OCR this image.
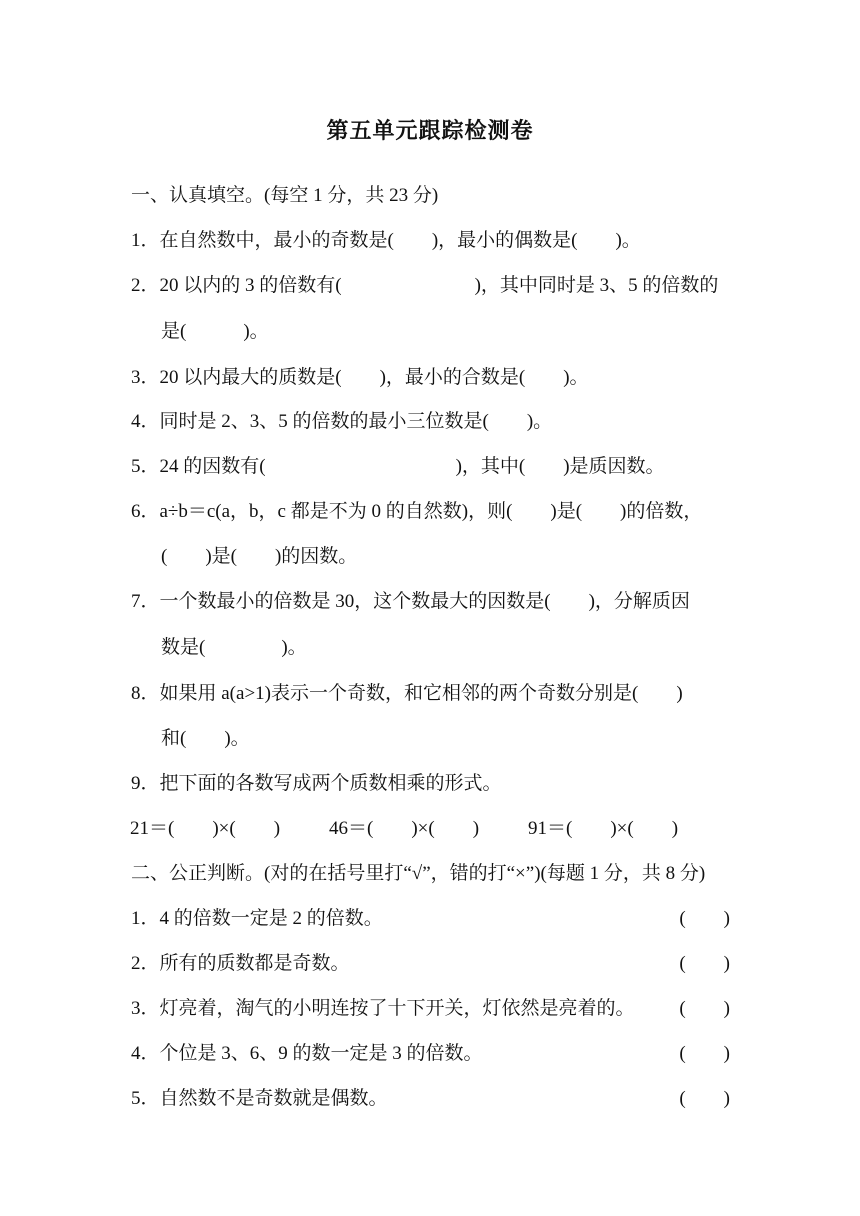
第五单元跟踪检测卷
一、认真填空。(每空 1 分，共 23 分)
1．在自然数中，最小的奇数是(　　)，最小的偶数是(　　)。
2．20 以内的 3 的倍数有(　　　　　　　)，其中同时是 3、5 的倍数的
是(　　　)。
3．20 以内最大的质数是(　　)，最小的合数是(　　)。
4．同时是 2、3、5 的倍数的最小三位数是(　　)。
5．24 的因数有(　　　　　　　　　　)，其中(　　)是质因数。
6．a÷b＝c(a，b，c 都是不为 0 的自然数)，则(　　)是(　　)的倍数，
(　　)是(　　)的因数。
7．一个数最小的倍数是 30，这个数最大的因数是(　　)，分解质因
数是(　　　　)。
8．如果用 a(a>1)表示一个奇数，和它相邻的两个奇数分别是(　　)
和(　　)。
9．把下面的各数写成两个质数相乘的形式。
21＝(　　)×(　　)	46＝(　　)×(　　)	91＝(　　)×(　　)
二、公正判断。(对的在括号里打“√”，错的打“×”)(每题 1 分，共 8 分)
1．4 的倍数一定是 2 的倍数。	(　　)
2．所有的质数都是奇数。	(　　)
3．灯亮着，淘气的小明连按了十下开关，灯依然是亮着的。 (　　)
4．个位是 3、6、9 的数一定是 3 的倍数。	(　　)
5．自然数不是奇数就是偶数。	(　　)
